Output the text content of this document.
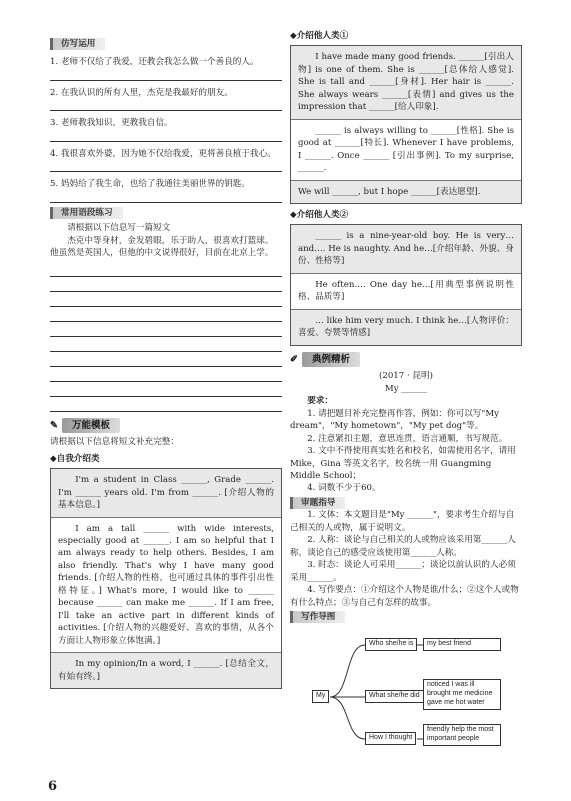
仿写运用
1. 老师不仅给了我爱，还教会我怎么做一个善良的人。
2. 在我认识的所有人里，杰克是我最好的朋友。
3. 老师教我知识，更教我自信。
4. 我很喜欢外婆，因为她不仅给我爱，更将善良植于我心。
5. 妈妈给了我生命，也给了我通往美丽世界的钥匙。
常用语段练习
请根据以下信息写一篇短文
杰克中等身材，金发碧眼，乐于助人，很喜欢打篮球。他虽然是英国人，但他的中文说得很好，目前在北京上学。
✎	万能模板
请根据以下信息将短文补充完整：
◆自我介绍类
I'm a student in Class ______, Grade ______. I'm ______ years old. I'm from ______. [介绍人物的基本信息。]
I am a tall ______ with wide interests, especially good at ______. I am so helpful that I am always ready to help others. Besides, I am also friendly. That's why I have many good friends. [介绍人物的性格，也可通过具体的事件引出性格特征。] What's more, I would like to ______ because ______ can make me ______. If I am free, I'll take an active part in different kinds of activities. [介绍人物的兴趣爱好、喜欢的事情，从各个方面让人物形象立体饱满。]
In my opinion/In a word, I ______. [总结全文，有始有终。]
◆介绍他人类①
I have made many good friends. ______[引出人物] is one of them. She is ______[总体给人感觉]. She is tall and ______[身材]. Her hair is ______. She always wears ______[表情] and gives us the impression that ______[给人印象].
______ is always willing to ______[性格]. She is good at ______[特长]. Whenever I have problems, I ______. Once ______ [引出事例]. To my surprise, ______.
We will ______, but I hope ______[表达愿望].
◆介绍他人类②
______ is a nine-year-old boy. He is very…and…. He is naughty. And he…[介绍年龄、外貌、身份、性格等]
He often…. One day he…[用典型事例说明性格、品质等]
… like him very much. I think he…[人物评价：喜爱、夸赞等情感]
✐	典例精析
(2017 · 昆明)
My ______
要求：
1. 请把题目补充完整再作答，例如：你可以写"My dream"，"My hometown"，"My pet dog"等。
2. 注意紧扣主题，意思连贯，语言通顺，书写规范。
3. 文中不得使用真实姓名和校名，如需使用名字，请用 Mike，Gina 等英文名字，校名统一用 Guangming Middle School；
4. 词数不少于60。
审题指导
1. 文体：本文题目是"My ______"，要求考生介绍与自己相关的人或物，属于说明文。
2. 人称：谈论与自己相关的人或物应该采用第______人称，谈论自己的感受应该使用第______人称。
3. 时态：谈论人可采用______；谈论以前认识的人必须采用______。
4. 写作要点：①介绍这个人物是谁/什么；②这个人或物有什么特点；③与自己有怎样的故事。
写作导图
My
Who she/he is
What she/he did
How I thought
my best friend
noticed I was ill brought me medicine gave me hot water
friendly help the most important people
6
